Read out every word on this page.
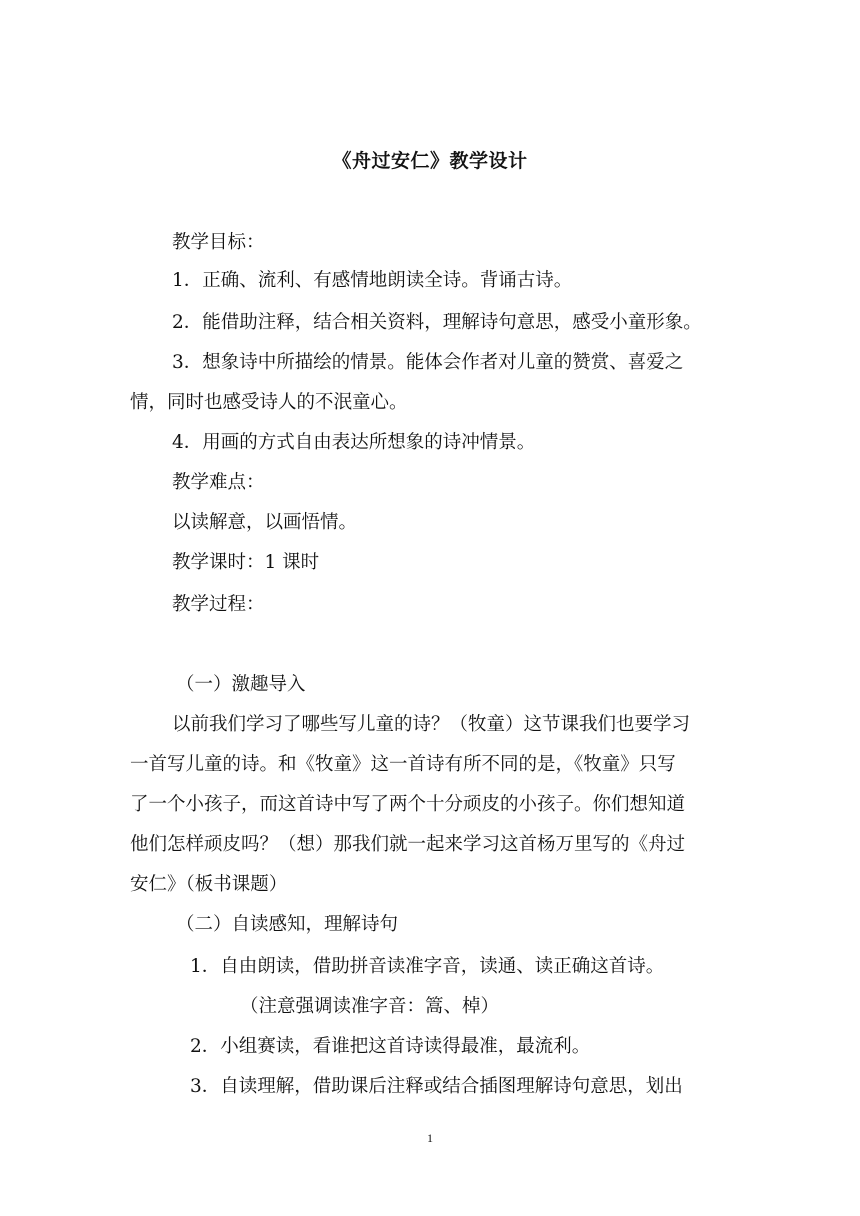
《舟过安仁》教学设计
教学目标：
1．正确、流利、有感情地朗读全诗。背诵古诗。
2．能借助注释，结合相关资料，理解诗句意思，感受小童形象。
3．想象诗中所描绘的情景。能体会作者对儿童的赞赏、喜爱之
情，同时也感受诗人的不泯童心。
4．用画的方式自由表达所想象的诗冲情景。
教学难点：
以读解意，以画悟情。
教学课时：1 课时
教学过程：
（一）激趣导入
以前我们学习了哪些写儿童的诗？（牧童）这节课我们也要学习
一首写儿童的诗。和《牧童》这一首诗有所不同的是，《牧童》只写
了一个小孩子，而这首诗中写了两个十分顽皮的小孩子。你们想知道
他们怎样顽皮吗？（想）那我们就一起来学习这首杨万里写的《舟过
安仁》（板书课题）
（二）自读感知，理解诗句
1．自由朗读，借助拼音读准字音，读通、读正确这首诗。
（注意强调读准字音：篙、棹）
2．小组赛读，看谁把这首诗读得最准，最流利。
3．自读理解，借助课后注释或结合插图理解诗句意思，划出
1
